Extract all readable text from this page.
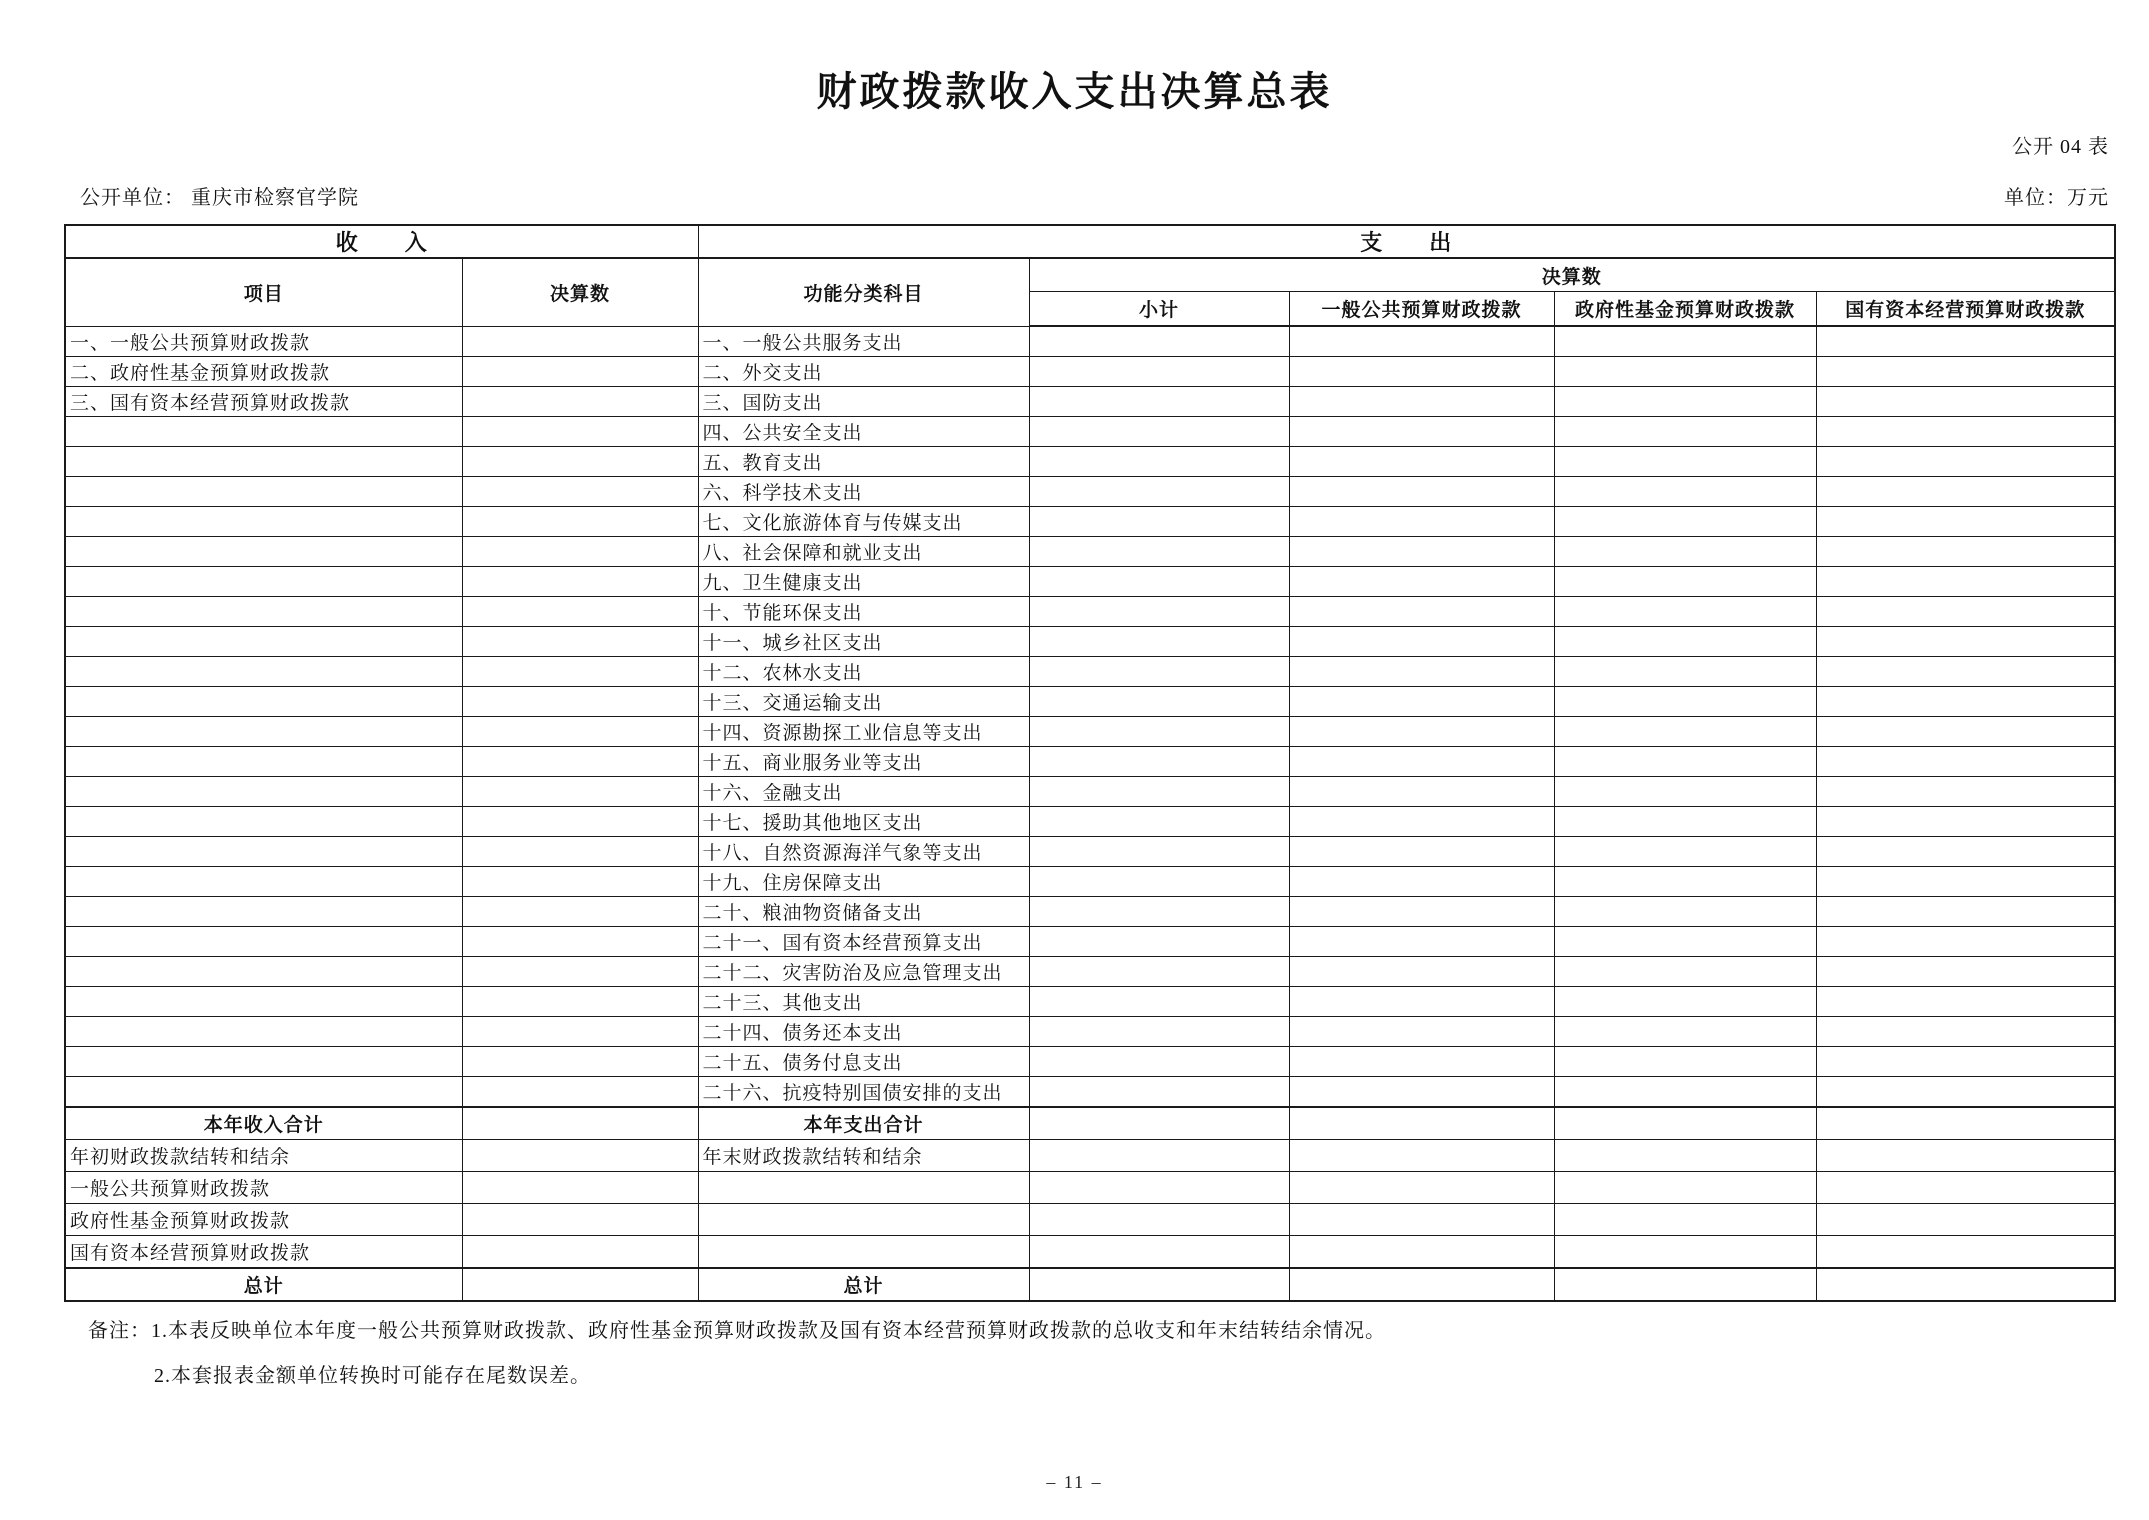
财政拨款收入支出决算总表
公开 04 表
公开单位： 重庆市检察官学院	单位：万元
收　　入		支　　出				
项目	决算数	功能分类科目	决算数			
			小计	一般公共预算财政拨款	政府性基金预算财政拨款	国有资本经营预算财政拨款
一、一般公共预算财政拨款		一、一般公共服务支出				
二、政府性基金预算财政拨款		二、外交支出				
三、国有资本经营预算财政拨款		三、国防支出				
		四、公共安全支出				
		五、教育支出				
		六、科学技术支出				
		七、文化旅游体育与传媒支出				
		八、社会保障和就业支出				
		九、卫生健康支出				
		十、节能环保支出				
		十一、城乡社区支出				
		十二、农林水支出				
		十三、交通运输支出				
		十四、资源勘探工业信息等支出				
		十五、商业服务业等支出				
		十六、金融支出				
		十七、援助其他地区支出				
		十八、自然资源海洋气象等支出				
		十九、住房保障支出				
		二十、粮油物资储备支出				
		二十一、国有资本经营预算支出				
		二十二、灾害防治及应急管理支出				
		二十三、其他支出				
		二十四、债务还本支出				
		二十五、债务付息支出				
		二十六、抗疫特别国债安排的支出				
本年收入合计		本年支出合计				
年初财政拨款结转和结余		年末财政拨款结转和结余				
一般公共预算财政拨款						
政府性基金预算财政拨款						
国有资本经营预算财政拨款						
总计		总计				
备注：1.本表反映单位本年度一般公共预算财政拨款、政府性基金预算财政拨款及国有资本经营预算财政拨款的总收支和年末结转结余情况。
2.本套报表金额单位转换时可能存在尾数误差。
– 11 –
